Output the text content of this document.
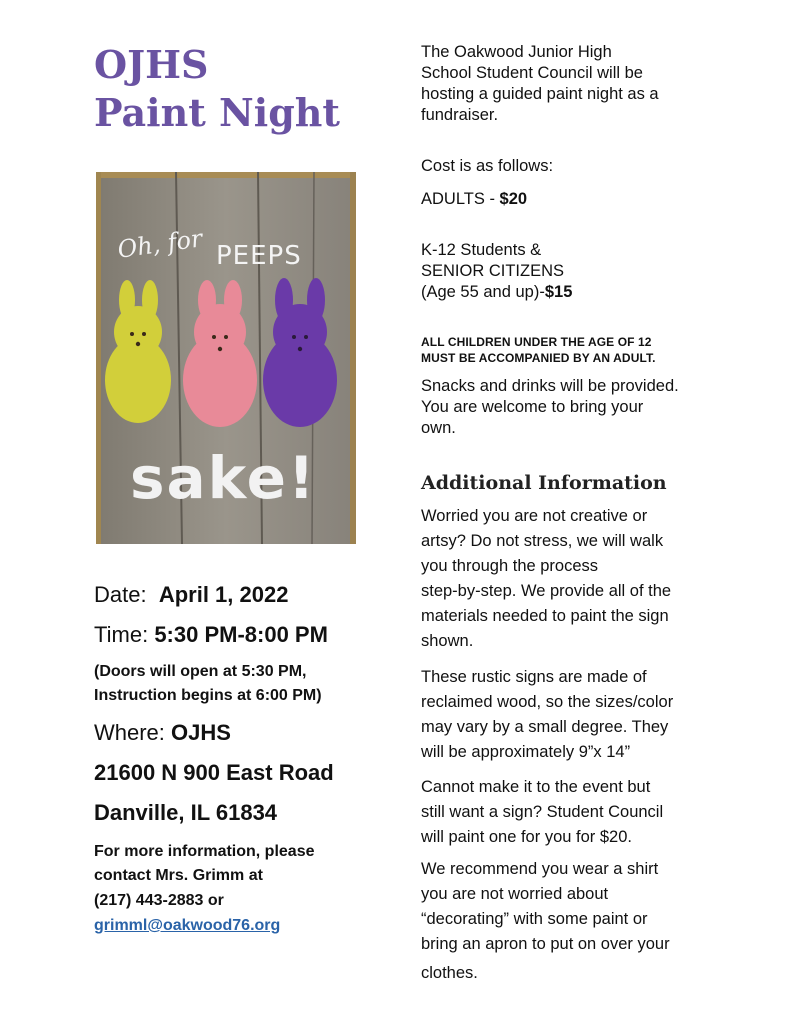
OJHS
Paint Night
Oh, for PEEPS
sake!
Date: April 1, 2022
Time: 5:30 PM-8:00 PM
(Doors will open at 5:30 PM,
Instruction begins at 6:00 PM)
Where: OJHS
21600 N 900 East Road
Danville, IL 61834
For more information, please
contact Mrs. Grimm at
(217) 443-2883 or
grimml@oakwood76.org
The Oakwood Junior High
School Student Council will be
hosting a guided paint night as a
fundraiser.
Cost is as follows:
ADULTS - $20
K-12 Students &
SENIOR CITIZENS
(Age 55 and up)-$15
ALL CHILDREN UNDER THE AGE OF 12
MUST BE ACCOMPANIED BY AN ADULT.
Snacks and drinks will be provided.
You are welcome to bring your
own.
Additional Information
Worried you are not creative or
artsy? Do not stress, we will walk
you through the process
step-by-step. We provide all of the
materials needed to paint the sign
shown.
These rustic signs are made of
reclaimed wood, so the sizes/color
may vary by a small degree. They
will be approximately 9”x 14”
Cannot make it to the event but
still want a sign? Student Council
will paint one for you for $20.
We recommend you wear a shirt
you are not worried about
“decorating” with some paint or
bring an apron to put on over your
clothes.
